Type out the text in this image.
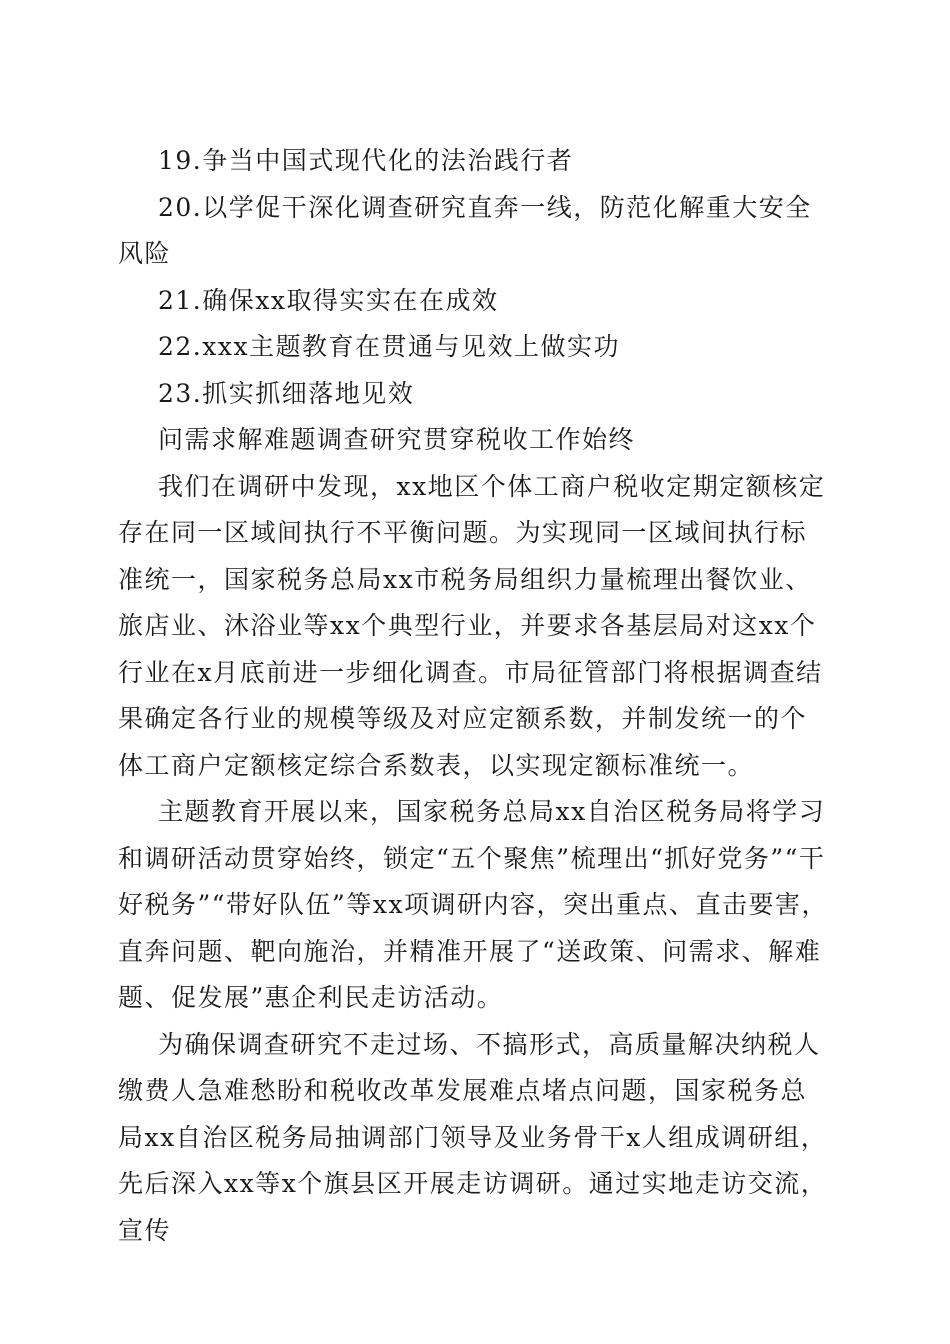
19.争当中国式现代化的法治践行者

20.以学促干深化调查研究直奔一线，防范化解重大安全风险

21.确保xx取得实实在在成效

22.xxx主题教育在贯通与见效上做实功

23.抓实抓细落地见效

问需求解难题调查研究贯穿税收工作始终

我们在调研中发现，xx地区个体工商户税收定期定额核定存在同一区域间执行不平衡问题。为实现同一区域间执行标准统一，国家税务总局xx市税务局组织力量梳理出餐饮业、旅店业、沐浴业等xx个典型行业，并要求各基层局对这xx个行业在x月底前进一步细化调查。市局征管部门将根据调查结果确定各行业的规模等级及对应定额系数，并制发统一的个体工商户定额核定综合系数表，以实现定额标准统一。

主题教育开展以来，国家税务总局xx自治区税务局将学习和调研活动贯穿始终，锁定“五个聚焦”梳理出“抓好党务”“干好税务”“带好队伍”等xx项调研内容，突出重点、直击要害，直奔问题、靶向施治，并精准开展了“送政策、问需求、解难题、促发展”惠企利民走访活动。

为确保调查研究不走过场、不搞形式，高质量解决纳税人缴费人急难愁盼和税收改革发展难点堵点问题，国家税务总局xx自治区税务局抽调部门领导及业务骨干x人组成调研组，先后深入xx等x个旗县区开展走访调研。通过实地走访交流，宣传
